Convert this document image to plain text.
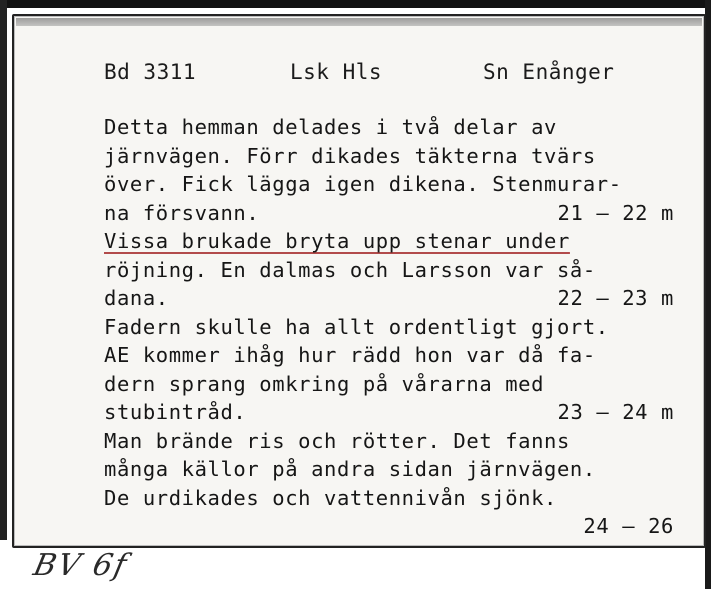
Bd 3311	Lsk Hls	Sn Enånger
Detta hemman delades i två delar av
järnvägen. Förr dikades täkterna tvärs
över. Fick lägga igen dikena. Stenmurar-
na försvann.	21 – 22 m
Vissa brukade bryta upp stenar under
röjning. En dalmas och Larsson var så-
dana.	22 – 23 m
Fadern skulle ha allt ordentligt gjort.
AE kommer ihåg hur rädd hon var då fa-
dern sprang omkring på vårarna med
stubintråd.	23 – 24 m
Man brände ris och rötter. Det fanns
många källor på andra sidan järnvägen.
De urdikades och vattennivån sjönk.
24 – 26
BV 6f
